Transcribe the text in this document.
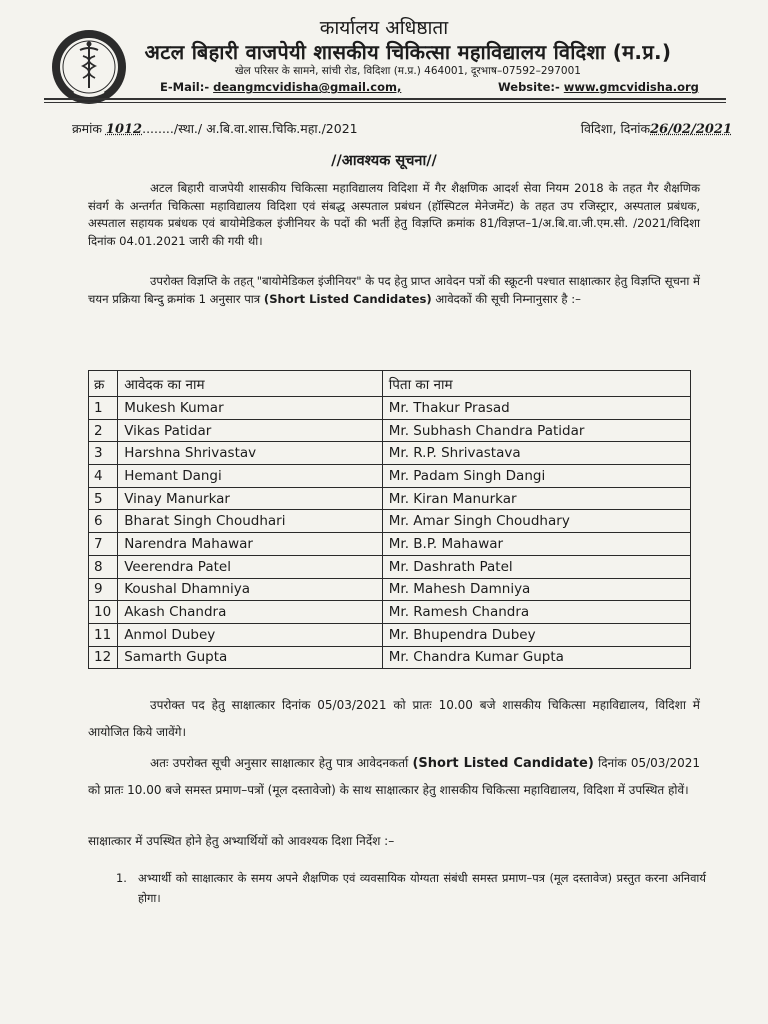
कार्यालय अधिष्ठाता
अटल बिहारी वाजपेयी शासकीय चिकित्सा महाविद्यालय विदिशा (म.प्र.)
खेल परिसर के सामने, सांची रोड, विदिशा (म.प्र.) 464001, दूरभाष–07592–297001
E-Mail:- deangmcvidisha@gmail.com,	Website:- www.gmcvidisha.org
क्रमांक 1012......../स्था./ अ.बि.वा.शास.चिकि.महा./2021	विदिशा, दिनांक26/02/2021
//आवश्यक सूचना//
अटल बिहारी वाजपेयी शासकीय चिकित्सा महाविद्यालय विदिशा में गैर शैक्षणिक आदर्श सेवा नियम 2018 के तहत गैर शैक्षणिक संवर्ग के अन्तर्गत चिकित्सा महाविद्यालय विदिशा एवं संबद्ध अस्पताल प्रबंधन (हॉस्पिटल मेनेजमेंट) के तहत उप रजिस्ट्रार, अस्पताल प्रबंधक, अस्पताल सहायक प्रबंधक एवं बायोमेडिकल इंजीनियर के पदों की भर्ती हेतु विज्ञप्ति क्रमांक 81/विज्ञप्त–1/अ.बि.वा.जी.एम.सी. /2021/विदिशा दिनांक 04.01.2021 जारी की गयी थी।
उपरोक्त विज्ञप्ति के तहत् "बायोमेडिकल इंजीनियर" के पद हेतु प्राप्त आवेदन पत्रों की स्क्रूटनी पश्चात साक्षात्कार हेतु विज्ञप्ति सूचना में चयन प्रक्रिया बिन्दु क्रमांक 1 अनुसार पात्र (Short Listed Candidates) आवेदकों की सूची निम्नानुसार है :–
क्र	आवेदक का नाम	पिता का नाम
1	Mukesh Kumar	Mr. Thakur Prasad
2	Vikas Patidar	Mr. Subhash Chandra Patidar
3	Harshna Shrivastav	Mr. R.P. Shrivastava
4	Hemant Dangi	Mr. Padam Singh Dangi
5	Vinay Manurkar	Mr. Kiran Manurkar
6	Bharat Singh Choudhari	Mr. Amar Singh Choudhary
7	Narendra Mahawar	Mr. B.P. Mahawar
8	Veerendra Patel	Mr. Dashrath Patel
9	Koushal Dhamniya	Mr. Mahesh Damniya
10	Akash Chandra	Mr. Ramesh Chandra
11	Anmol Dubey	Mr. Bhupendra Dubey
12	Samarth Gupta	Mr. Chandra Kumar Gupta
उपरोक्त पद हेतु साक्षात्कार दिनांक 05/03/2021 को प्रातः 10.00 बजे शासकीय चिकित्सा महाविद्यालय, विदिशा में आयोजित किये जावेंगे।
अतः उपरोक्त सूची अनुसार साक्षात्कार हेतु पात्र आवेदनकर्ता (Short Listed Candidate) दिनांक 05/03/2021 को प्रातः 10.00 बजे समस्त प्रमाण–पत्रों (मूल दस्तावेजो) के साथ साक्षात्कार हेतु शासकीय चिकित्सा महाविद्यालय, विदिशा में उपस्थित होवें।
साक्षात्कार में उपस्थित होने हेतु अभ्यार्थियों को आवश्यक दिशा निर्देश :–
1. अभ्यार्थी को साक्षात्कार के समय अपने शैक्षणिक एवं व्यवसायिक योग्यता संबंधी समस्त प्रमाण–पत्र (मूल दस्तावेज) प्रस्तुत करना अनिवार्य होगा।
